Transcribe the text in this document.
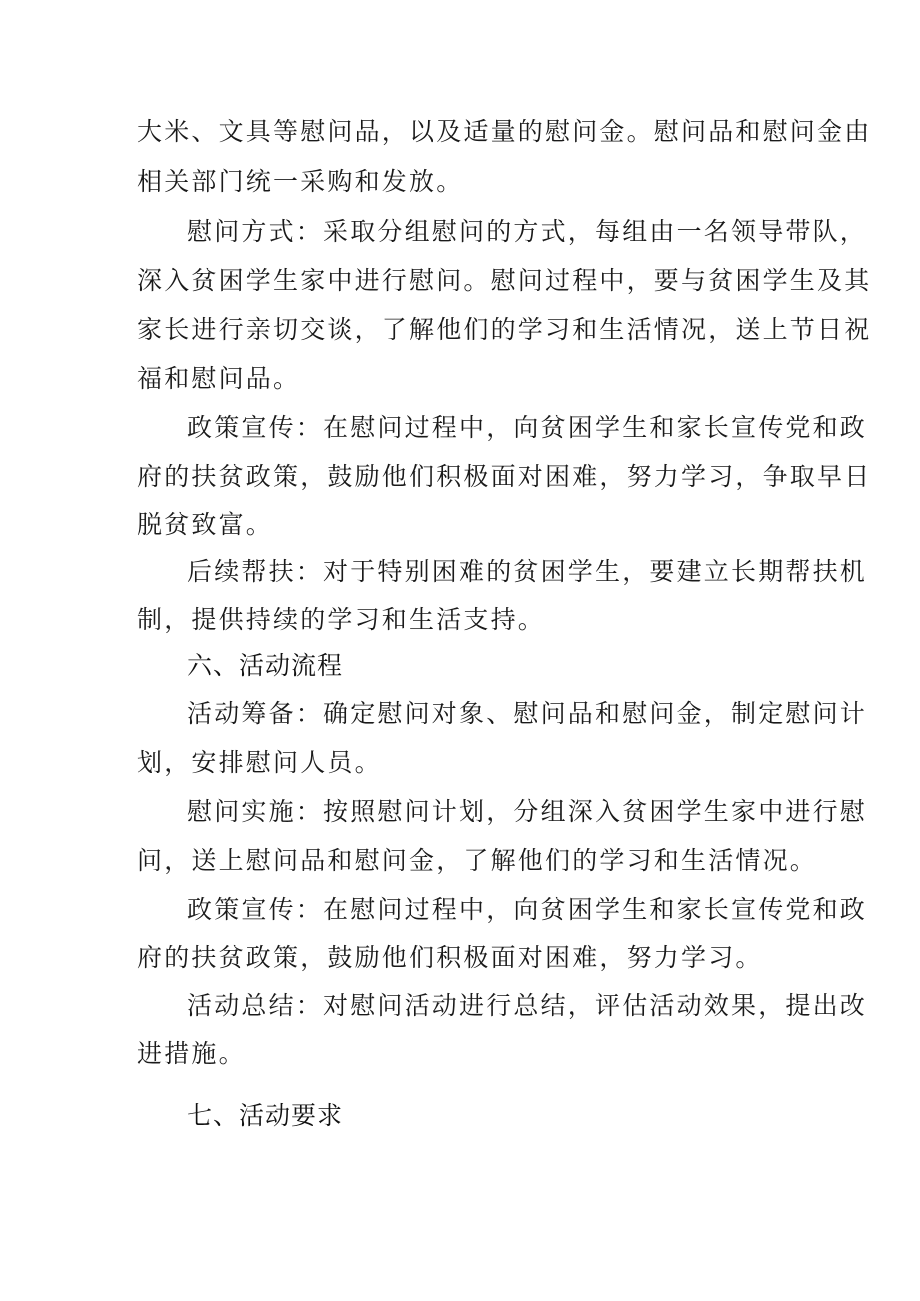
大米、文具等慰问品，以及适量的慰问金。慰问品和慰问金由
相关部门统一采购和发放。
慰问方式：采取分组慰问的方式，每组由一名领导带队，
深入贫困学生家中进行慰问。慰问过程中，要与贫困学生及其
家长进行亲切交谈，了解他们的学习和生活情况，送上节日祝
福和慰问品。
政策宣传：在慰问过程中，向贫困学生和家长宣传党和政
府的扶贫政策，鼓励他们积极面对困难，努力学习，争取早日
脱贫致富。
后续帮扶：对于特别困难的贫困学生，要建立长期帮扶机
制，提供持续的学习和生活支持。
六、活动流程
活动筹备：确定慰问对象、慰问品和慰问金，制定慰问计
划，安排慰问人员。
慰问实施：按照慰问计划，分组深入贫困学生家中进行慰
问，送上慰问品和慰问金，了解他们的学习和生活情况。
政策宣传：在慰问过程中，向贫困学生和家长宣传党和政
府的扶贫政策，鼓励他们积极面对困难，努力学习。
活动总结：对慰问活动进行总结，评估活动效果，提出改
进措施。
七、活动要求
